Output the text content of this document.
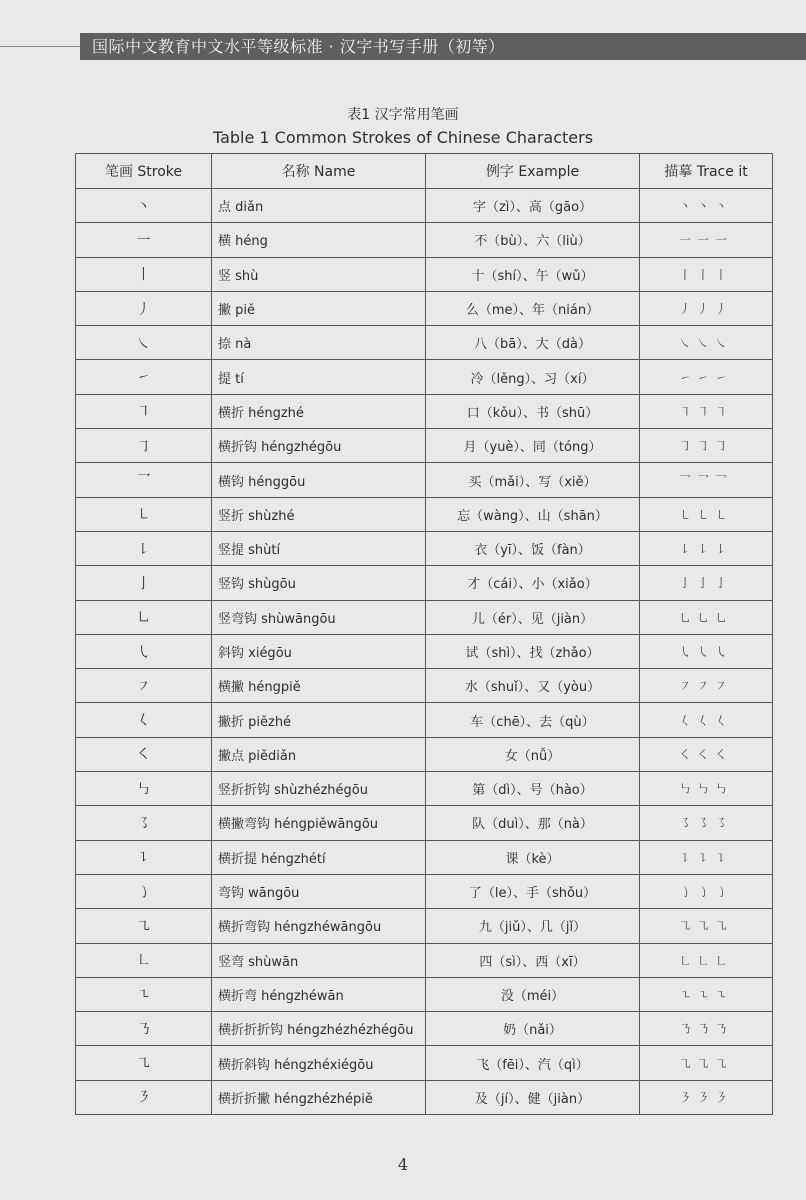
国际中文教育中文水平等级标准 · 汉字书写手册（初等）
表1 汉字常用笔画
Table 1 Common Strokes of Chinese Characters
笔画 Stroke	名称 Name	例字 Example	描摹 Trace it
丶	点 diǎn	字（zì）、高（gāo）	丶丶丶
一	横 héng	不（bù）、六（liù）	一一一
丨	竖 shù	十（shí）、午（wǔ）	丨丨丨
丿	撇 piě	么（me）、年（nián）	丿丿丿
㇏	捺 nà	八（bā）、大（dà）	㇏㇏㇏
㇀	提 tí	冷（lěng）、习（xí）	㇀㇀㇀
㇕	横折 héngzhé	口（kǒu）、书（shū）	㇕㇕㇕
㇆	横折钩 héngzhégōu	月（yuè）、同（tóng）	㇆㇆㇆
乛	横钩 hénggōu	买（mǎi）、写（xiě）	乛乛乛
㇄	竖折 shùzhé	忘（wàng）、山（shān）	㇄㇄㇄
㇙	竖提 shùtí	衣（yī）、饭（fàn）	㇙㇙㇙
亅	竖钩 shùgōu	才（cái）、小（xiǎo）	亅亅亅
㇟	竖弯钩 shùwāngōu	儿（ér）、见（jiàn）	㇟㇟㇟
㇂	斜钩 xiégōu	试（shì）、找（zhǎo）	㇂㇂㇂
㇇	横撇 héngpiě	水（shuǐ）、又（yòu）	㇇㇇㇇
𡿨	撇折 piězhé	车（chē）、去（qù）	𡿨𡿨𡿨
㇛	撇点 piědiǎn	女（nǚ）	㇛㇛㇛
㇉	竖折折钩 shùzhézhégōu	第（dì）、号（hào）	㇉㇉㇉
㇌	横撇弯钩 héngpiěwāngōu	队（duì）、那（nà）	㇌㇌㇌
㇊	横折提 héngzhétí	课（kè）	㇊㇊㇊
㇁	弯钩 wāngōu	了（le）、手（shǒu）	㇁㇁㇁
㇈	横折弯钩 héngzhéwāngōu	九（jiǔ）、几（jǐ）	㇈㇈㇈
㇗	竖弯 shùwān	四（sì）、西（xī）	㇗㇗㇗
㇍	横折弯 héngzhéwān	没（méi）	㇍㇍㇍
㇡	横折折折钩 héngzhézhézhégōu	奶（nǎi）	㇡㇡㇡
㇈	横折斜钩 héngzhéxiégōu	飞（fēi）、汽（qì）	㇈㇈㇈
㇋	横折折撇 héngzhézhépiě	及（jí）、健（jiàn）	㇋㇋㇋
4
